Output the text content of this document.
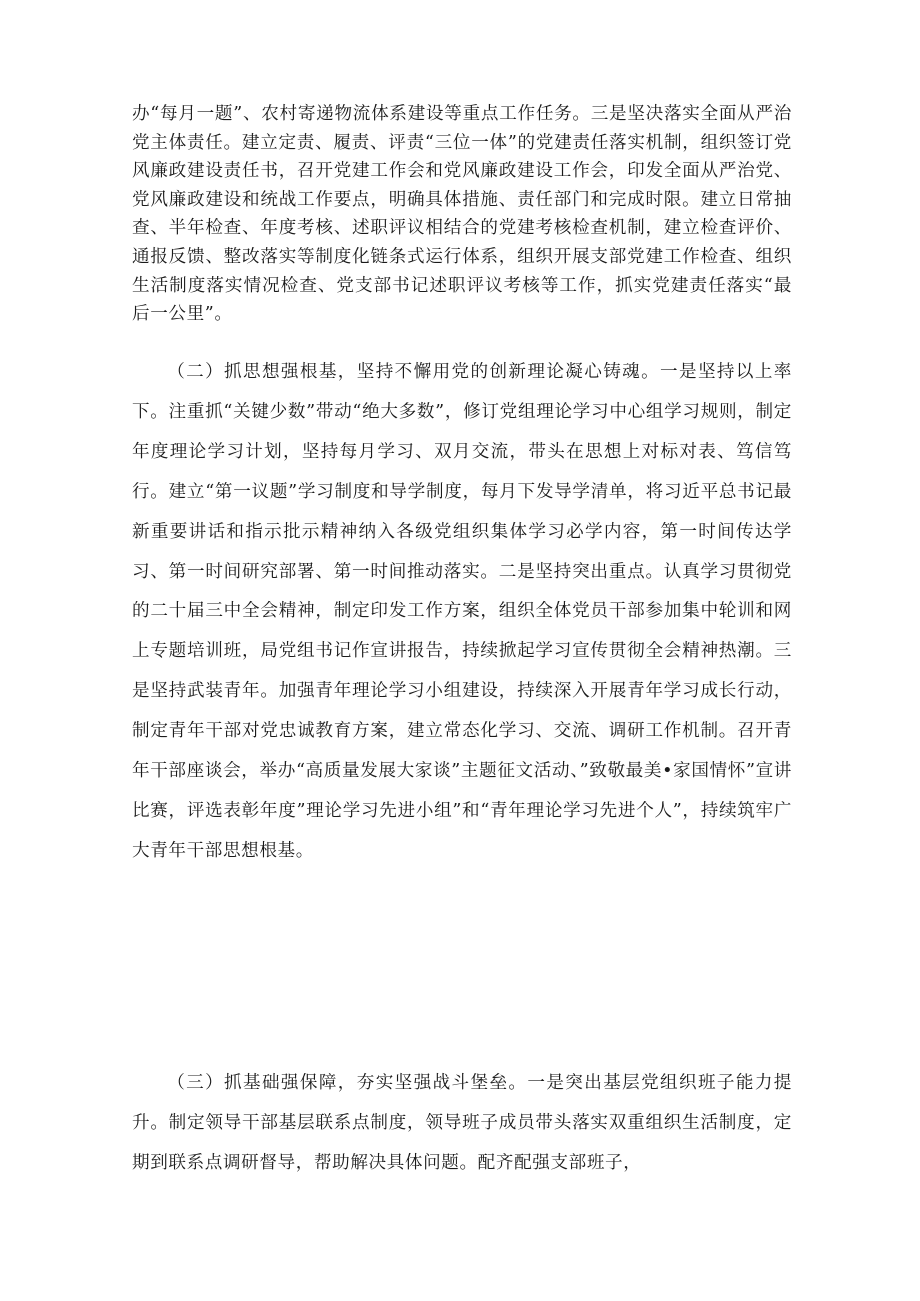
办“每月一题”、农村寄递物流体系建设等重点工作任务。三是坚决落实全面从严治党主体责任。建立定责、履责、评责“三位一体”的党建责任落实机制，组织签订党风廉政建设责任书，召开党建工作会和党风廉政建设工作会，印发全面从严治党、党风廉政建设和统战工作要点，明确具体措施、责任部门和完成时限。建立日常抽查、半年检查、年度考核、述职评议相结合的党建考核检查机制，建立检查评价、通报反馈、整改落实等制度化链条式运行体系，组织开展支部党建工作检查、组织生活制度落实情况检查、党支部书记述职评议考核等工作，抓实党建责任落实“最后一公里”。

（二）抓思想强根基，坚持不懈用党的创新理论凝心铸魂。一是坚持以上率下。注重抓“关键少数”带动“绝大多数”，修订党组理论学习中心组学习规则，制定年度理论学习计划，坚持每月学习、双月交流，带头在思想上对标对表、笃信笃行。建立“第一议题”学习制度和导学制度，每月下发导学清单，将习近平总书记最新重要讲话和指示批示精神纳入各级党组织集体学习必学内容，第一时间传达学习、第一时间研究部署、第一时间推动落实。二是坚持突出重点。认真学习贯彻党的二十届三中全会精神，制定印发工作方案，组织全体党员干部参加集中轮训和网上专题培训班，局党组书记作宣讲报告，持续掀起学习宣传贯彻全会精神热潮。三是坚持武装青年。加强青年理论学习小组建设，持续深入开展青年学习成长行动，制定青年干部对党忠诚教育方案，建立常态化学习、交流、调研工作机制。召开青年干部座谈会，举办“高质量发展大家谈”主题征文活动、”致敬最美•家国情怀”宣讲比赛，评选表彰年度”理论学习先进小组”和“青年理论学习先进个人”，持续筑牢广大青年干部思想根基。

（三）抓基础强保障，夯实坚强战斗堡垒。一是突出基层党组织班子能力提升。制定领导干部基层联系点制度，领导班子成员带头落实双重组织生活制度，定期到联系点调研督导，帮助解决具体问题。配齐配强支部班子，
